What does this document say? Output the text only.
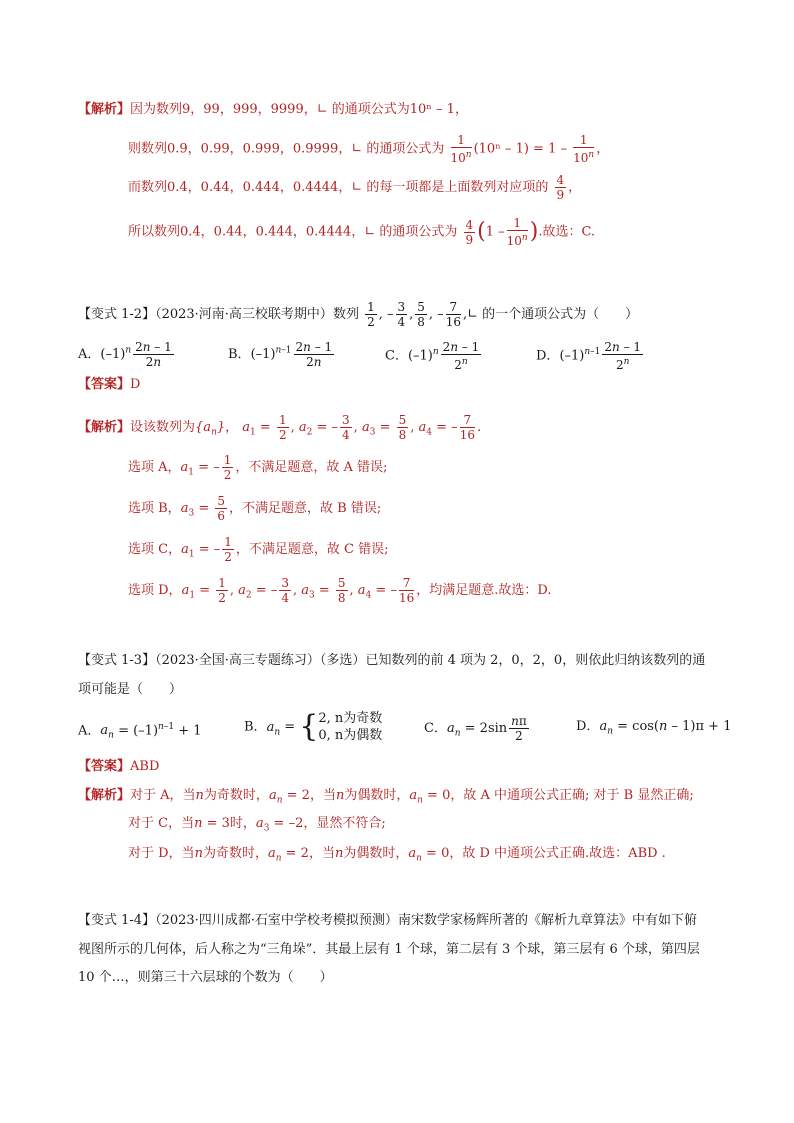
【解析】因为数列9，99，999，9999，∟ 的通项公式为10ⁿ – 1，
则数列0.9，0.99，0.999，0.9999，∟ 的通项公式为 $\frac{1}{10^n} (10^n - 1) = 1 - \frac{1}{10^n}$ ，
而数列0.4，0.44，0.444，0.4444，∟ 的每一项都是上面数列对应项的 $\frac{4}{9}$ ，
所以数列0.4，0.44，0.444，0.4444，∟ 的通项公式为 $\frac{4}{9} (1 - \frac{1}{10^n}$ ).故选：C.
【变式 1-2】（2023·河南·高三校联考期中）数列 $\frac{1}{2}$ , – $\frac{3}{4}$ , $\frac{5}{8}$ , – $\frac{7}{16}$ ,∟ 的一个通项公式为（　　）
A．$(-1)^n \frac{2n - 1}{2n}$	B．$(-1)^{n-1} \frac{2n - 1}{2n}$	C．$(-1)^n \frac{2n - 1}{2^n}$	D．$(-1)^{n-1} \frac{2n - 1}{2^n}$
【答案】D
【解析】设该数列为$\{a_n\}$， $a_1 = \frac{1}{2}$ , $a_2$ = – $\frac{3}{4}$ , $a_3 = \frac{5}{8}$ , $a_4$ = – $\frac{7}{16}$ .
选项 A，$a_1$ = – $\frac{1}{2}$ ，不满足题意，故 A 错误;
选项 B，$a_3 = \frac{5}{6}$ ，不满足题意，故 B 错误;
选项 C，$a_1$ = – $\frac{1}{2}$ ，不满足题意，故 C 错误;
选项 D，$a_1 = \frac{1}{2}$ , $a_2$ = – $\frac{3}{4}$ , $a_3 = \frac{5}{8}$ , $a_4$ = – $\frac{7}{16}$ ，均满足题意.故选：D.
【变式 1-3】（2023·全国·高三专题练习）（多选）已知数列的前 4 项为 2，0，2，0，则依此归纳该数列的通
项可能是（　　）
A．$a_n = (-1)^{n-1} + 1$	B．$a_n = \{2$, n为奇数
0, n为偶数	C．$a_n = 2\sin \frac{n\pi}{2}$	D．$a_n = \cos(n - 1)\pi + 1$
【答案】ABD
【解析】对于 A，当n为奇数时，$a_n = 2$，当n为偶数时，$a_n = 0$，故 A 中通项公式正确; 对于 B 显然正确;
对于 C，当n = 3时，$a_3 = -2$，显然不符合;
对于 D，当n为奇数时，$a_n = 2$，当n为偶数时，$a_n = 0$，故 D 中通项公式正确.故选：ABD .
【变式 1-4】（2023·四川成都·石室中学校考模拟预测）南宋数学家杨辉所著的《解析九章算法》中有如下俯
视图所示的几何体，后人称之为“三角垛”．其最上层有 1 个球，第二层有 3 个球，第三层有 6 个球，第四层
10 个…，则第三十六层球的个数为（　　）
